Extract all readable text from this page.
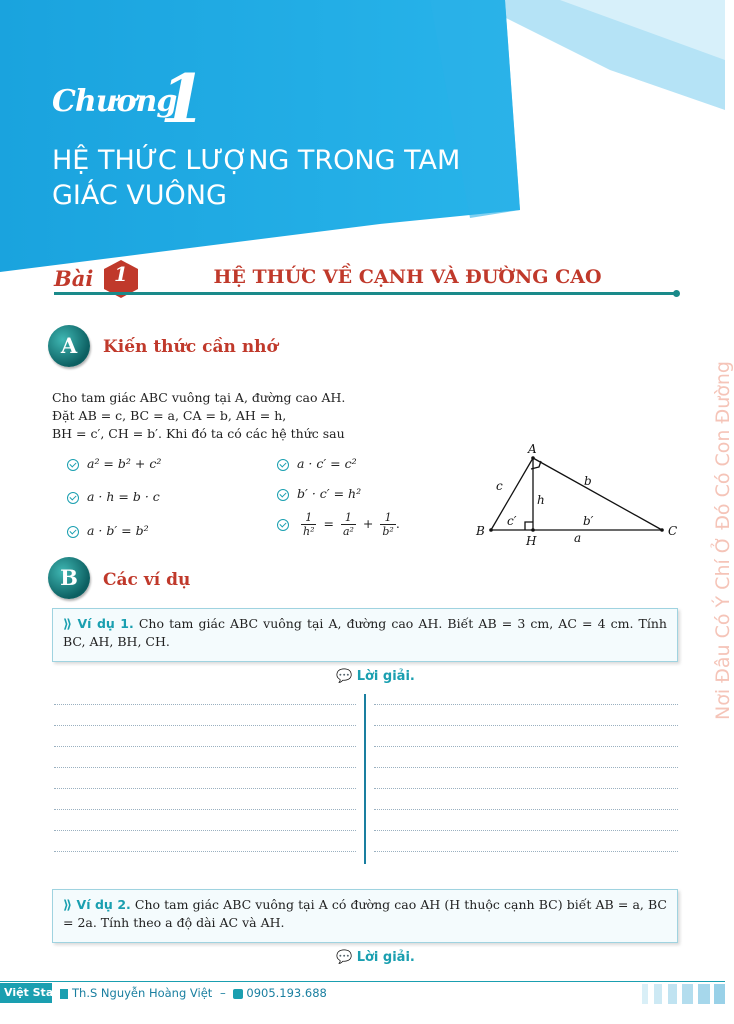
Chương
1
HỆ THỨC LƯỢNG TRONG TAM GIÁC VUÔNG
Bài	1	HỆ THỨC VỀ CẠNH VÀ ĐƯỜNG CAO
A	Kiến thức cần nhớ
Cho tam giác ABC vuông tại A, đường cao AH.
Đặt AB = c, BC = a, CA = b, AH = h,
BH = c′, CH = b′. Khi đó ta có các hệ thức sau
a² = b² + c²	a · c′ = c²
a · h = b · c	b′ · c′ = h²
a · b′ = b²
	$\frac{1}{\text{h²}} = \frac{1}{\text{a²}} + \frac{1}{\text{b²}}$ .
A
B	C
H
c	b
h
c′	b′
a
B	Các ví dụ
⟫ Ví dụ 1. Cho tam giác ABC vuông tại A, đường cao AH. Biết AB = 3 cm, AC = 4 cm. Tính BC, AH, BH, CH.
💬 Lời giải.
⟫ Ví dụ 2. Cho tam giác ABC vuông tại A có đường cao AH (H thuộc cạnh BC) biết AB = a, BC = 2a. Tính theo a độ dài AC và AH.
💬 Lời giải.
Nơi Đâu Có Ý Chí Ở Đó Có Con Đường
Việt Star	Th.S Nguyễn Hoàng Việt – 0905.193.688
